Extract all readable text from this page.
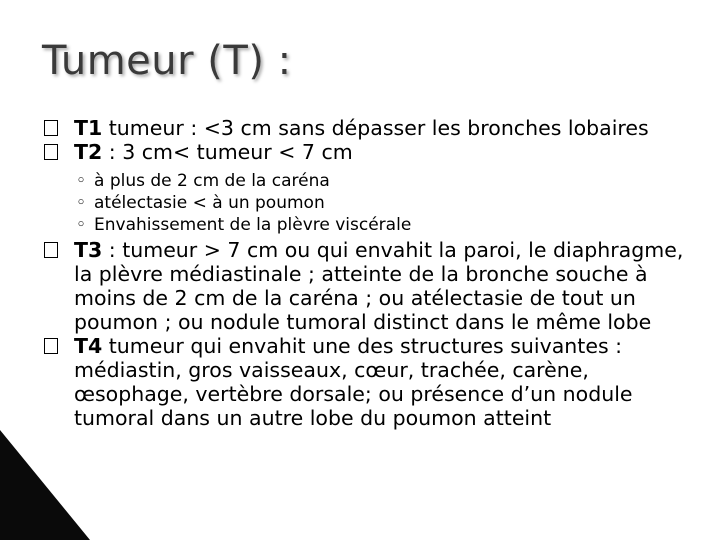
Tumeur (T) :

T1 tumeur : <3 cm sans dépasser les bronches lobaires

T2 : 3 cm< tumeur < 7 cm

◦ à plus de 2 cm de la caréna

◦ atélectasie < à un poumon

◦ Envahissement de la plèvre viscérale

T3 : tumeur > 7 cm ou qui envahit la paroi, le diaphragme, la plèvre médiastinale ; atteinte de la bronche souche à moins de 2 cm de la caréna ; ou atélectasie de tout un poumon ; ou nodule tumoral distinct dans le même lobe

T4 tumeur qui envahit une des structures suivantes : médiastin, gros vaisseaux, cœur, trachée, carène, œsophage, vertèbre dorsale; ou présence d’un nodule tumoral dans un autre lobe du poumon atteint
